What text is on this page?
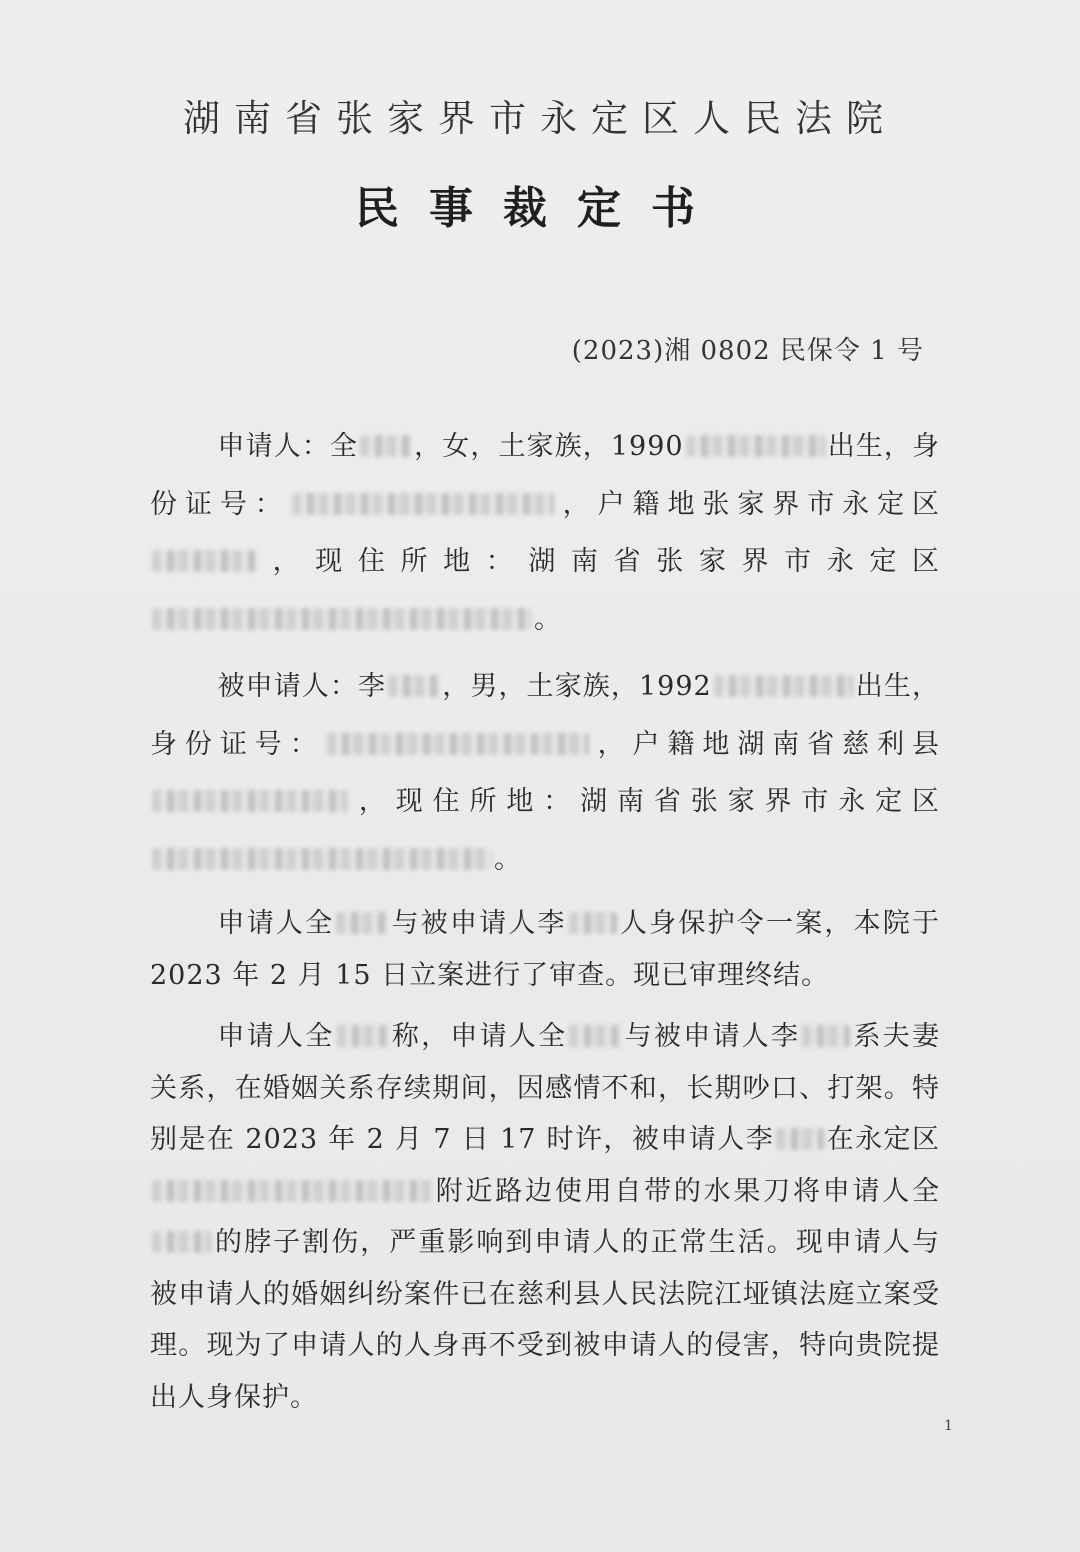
湖南省张家界市永定区人民法院
民事裁定书
(2023)湘 0802 民保令 1 号

申请人：全 ，女，土家族，1990	出生，身份证号：	，户籍地张家界市永定区，现住所地：湖南省张家界市永定区。

被申请人：李 ，男，土家族，1992	出生，身份证号：	，户籍地湖南省慈利县，现住所地：湖南省张家界市永定区。

申请人全 与被申请人李 人身保护令一案，本院于 2023 年 2 月 15 日立案进行了审查。现已审理终结。

申请人全 称，申请人全 与被申请人李 系夫妻关系，在婚姻关系存续期间，因感情不和，长期吵口、打架。特别是在 2023 年 2 月 7 日 17 时许，被申请人李 在永定区附近路边使用自带的水果刀将申请人全的脖子割伤，严重影响到申请人的正常生活。现申请人与被申请人的婚姻纠纷案件已在慈利县人民法院江垭镇法庭立案受理。现为了申请人的人身再不受到被申请人的侵害，特向贵院提出人身保护。

1
